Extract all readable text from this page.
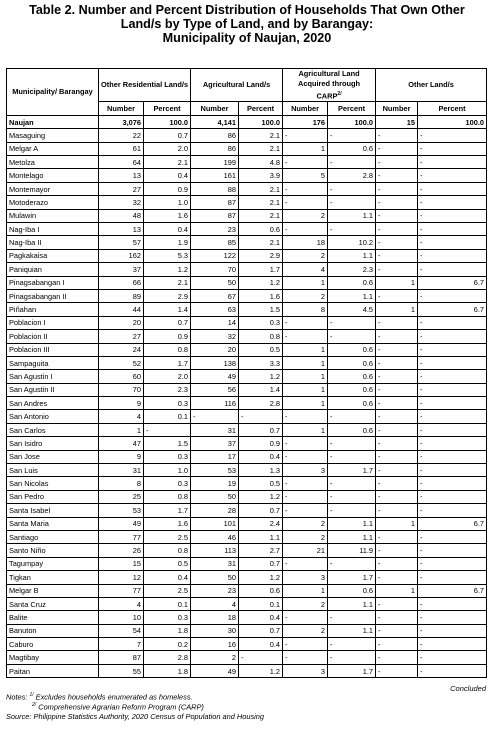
Table 2. Number and Percent Distribution of Households That Own Other
Land/s by Type of Land, and by Barangay:
Municipality of Naujan, 2020
Municipality/ Barangay	Other Residential Land/s		Agricultural Land/s		Agricultural Land Acquired through $CARP^{2/}$		Other Land/s	
	Number	Percent	Number	Percent	Number	Percent	Number	Percent
Naujan	3,076	100.0	4,141	100.0	176	100.0	15	100.0
Masaguing	22	0.7	86	2.1	-	-	-	-
Melgar A	61	2.0	86	2.1	1	0.6	-	-
Metolza	64	2.1	199	4.8	-	-	-	-
Montelago	13	0.4	161	3.9	5	2.8	-	-
Montemayor	27	0.9	88	2.1	-	-	-	-
Motoderazo	32	1.0	87	2.1	-	-	-	-
Mulawin	48	1.6	87	2.1	2	1.1	-	-
Nag-Iba I	13	0.4	23	0.6	-	-	-	-
Nag-Iba II	57	1.9	85	2.1	18	10.2	-	-
Pagkakaisa	162	5.3	122	2.9	2	1.1	-	-
Paniquian	37	1.2	70	1.7	4	2.3	-	-
Pinagsabangan I	66	2.1	50	1.2	1	0.6	1	6.7
Pinagsabangan II	89	2.9	67	1.6	2	1.1	-	-
Piñahan	44	1.4	63	1.5	8	4.5	1	6.7
Poblacion I	20	0.7	14	0.3	-	-	-	-
Poblacion II	27	0.9	32	0.8	-	-	-	-
Poblacion III	24	0.8	20	0.5	1	0.6	-	-
Sampaguita	52	1.7	138	3.3	1	0.6	-	-
San Agustin I	60	2.0	49	1.2	1	0.6	-	-
San Agustin II	70	2.3	56	1.4	1	0.6	-	-
San Andres	9	0.3	116	2.8	1	0.6	-	-
San Antonio	4	0.1	-	-	-	-	-	-
San Carlos	1	-	31	0.7	1	0.6	-	-
San Isidro	47	1.5	37	0.9	-	-	-	-
San Jose	9	0.3	17	0.4	-	-	-	-
San Luis	31	1.0	53	1.3	3	1.7	-	-
San Nicolas	8	0.3	19	0.5	-	-	-	-
San Pedro	25	0.8	50	1.2	-	-	-	-
Santa Isabel	53	1.7	28	0.7	-	-	-	-
Santa Maria	49	1.6	101	2.4	2	1.1	1	6.7
Santiago	77	2.5	46	1.1	2	1.1	-	-
Santo Niño	26	0.8	113	2.7	21	11.9	-	-
Tagumpay	15	0.5	31	0.7	-	-	-	-
Tigkan	12	0.4	50	1.2	3	1.7	-	-
Melgar B	77	2.5	23	0.6	1	0.6	1	6.7
Santa Cruz	4	0.1	4	0.1	2	1.1	-	-
Balite	10	0.3	18	0.4	-	-	-	-
Banuton	54	1.8	30	0.7	2	1.1	-	-
Caburo	7	0.2	16	0.4	-	-	-	-
Magtibay	87	2.8	2	-	-	-	-	-
Paitan	55	1.8	49	1.2	3	1.7	-	-
Concluded
Notes: $^{1/}$ Excludes households enumerated as homeless.
$^{2/}$ Comprehensive Agrarian Reform Program (CARP)
Source: Philippine Statistics Authority, 2020 Census of Population and Housing
